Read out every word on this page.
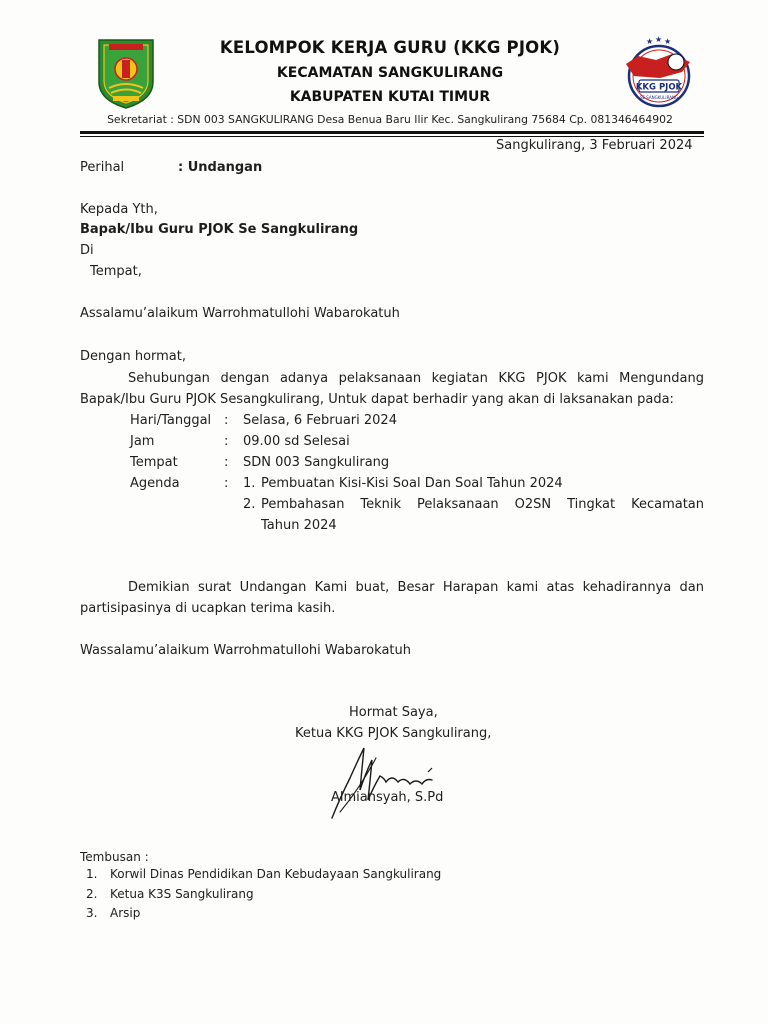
KELOMPOK KERJA GURU (KKG PJOK)
KECAMATAN SANGKULIRANG
KABUPATEN KUTAI TIMUR
Sekretariat : SDN 003 SANGKULIRANG Desa Benua Baru Ilir Kec. Sangkulirang 75684 Cp. 081346464902
★ ★ ★
KKG PJOK
SE SANGKULIRANG
Sangkulirang, 3 Februari 2024
Perihal	: Undangan
Kepada Yth,
Bapak/Ibu Guru PJOK Se Sangkulirang
Di
Tempat,
Assalamu’alaikum Warrohmatullohi Wabarokatuh
Dengan hormat,
Sehubungan dengan adanya pelaksanaan kegiatan KKG PJOK kami Mengundang
Bapak/Ibu Guru PJOK Sesangkulirang, Untuk dapat berhadir yang akan di laksanakan pada:
Hari/Tanggal : Selasa, 6 Februari 2024
Jam	: 09.00 sd Selesai
Tempat	: SDN 003 Sangkulirang
Agenda	: 1. Pembuatan Kisi-Kisi Soal Dan Soal Tahun 2024
2. Pembahasan Teknik Pelaksanaan O2SN Tingkat Kecamatan
Tahun 2024
Demikian surat Undangan Kami buat, Besar Harapan kami atas kehadirannya dan
partisipasinya di ucapkan terima kasih.
Wassalamu’alaikum Warrohmatullohi Wabarokatuh
Hormat Saya,
Ketua KKG PJOK Sangkulirang,
Almiansyah, S.Pd
Tembusan :
1. Korwil Dinas Pendidikan Dan Kebudayaan Sangkulirang
2. Ketua K3S Sangkulirang
3. Arsip
